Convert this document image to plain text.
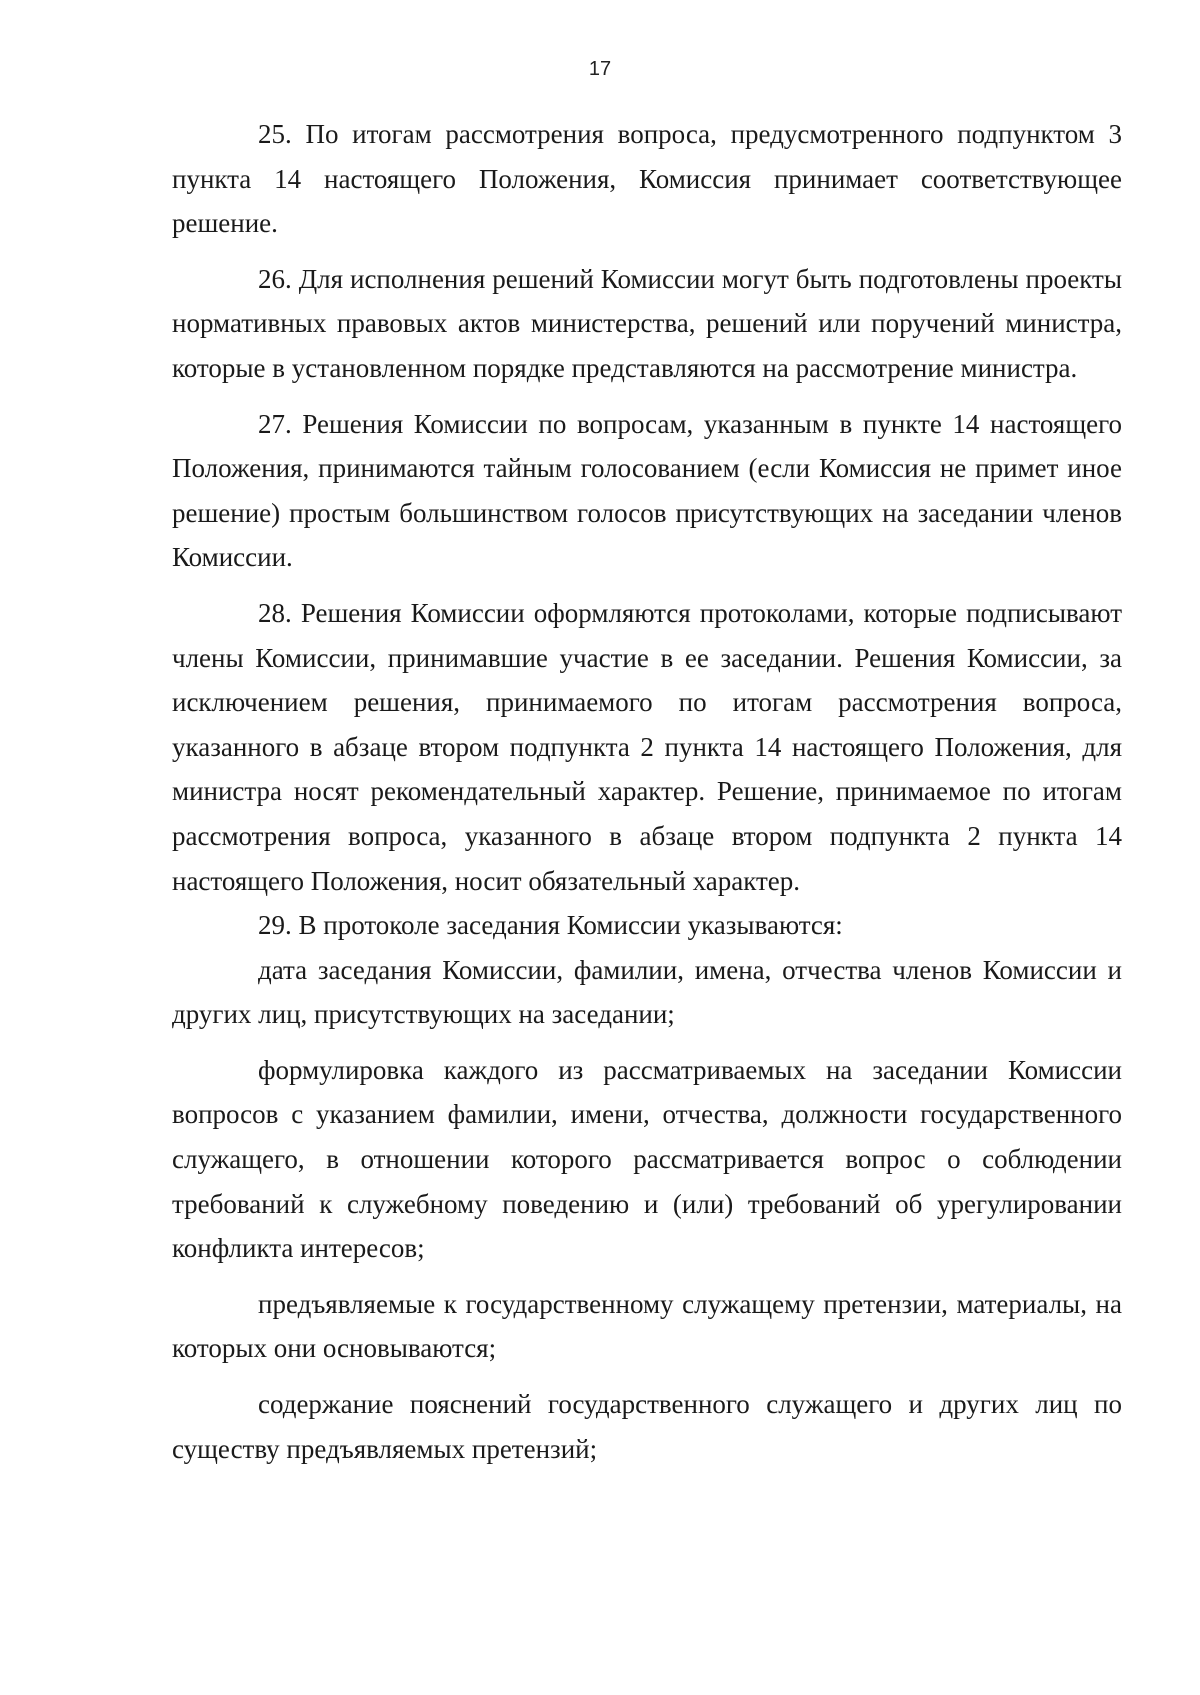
17

25. По итогам рассмотрения вопроса, предусмотренного подпунктом 3 пункта 14 настоящего Положения, Комиссия принимает соответствующее решение.

26. Для исполнения решений Комиссии могут быть подготовлены проекты нормативных правовых актов министерства, решений или поручений министра, которые в установленном порядке представляются на рассмотрение министра.

27. Решения Комиссии по вопросам, указанным в пункте 14 настоящего Положения, принимаются тайным голосованием (если Комиссия не примет иное решение) простым большинством голосов присутствующих на заседании членов Комиссии.

28. Решения Комиссии оформляются протоколами, которые подписывают члены Комиссии, принимавшие участие в ее заседании. Решения Комиссии, за исключением решения, принимаемого по итогам рассмотрения вопроса, указанного в абзаце втором подпункта 2 пункта 14 настоящего Положения, для министра носят рекомендательный характер. Решение, принимаемое по итогам рассмотрения вопроса, указанного в абзаце втором подпункта 2 пункта 14 настоящего Положения, носит обязательный характер.

29. В протоколе заседания Комиссии указываются:

дата заседания Комиссии, фамилии, имена, отчества членов Комиссии и других лиц, присутствующих на заседании;

формулировка каждого из рассматриваемых на заседании Комиссии вопросов с указанием фамилии, имени, отчества, должности государственного служащего, в отношении которого рассматривается вопрос о соблюдении требований к служебному поведению и (или) требований об урегулировании конфликта интересов;

предъявляемые к государственному служащему претензии, материалы, на которых они основываются;

содержание пояснений государственного служащего и других лиц по существу предъявляемых претензий;
